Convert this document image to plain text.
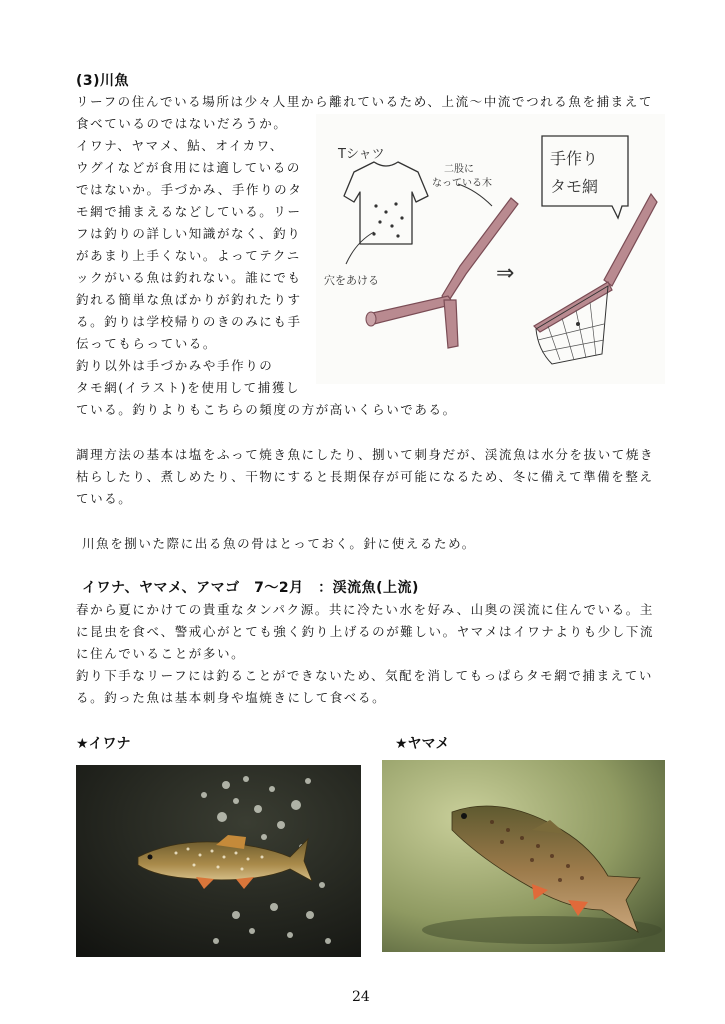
(3)川魚
リーフの住んでいる場所は少々人里から離れているため、上流～中流でつれる魚を捕まえて
食べているのではないだろうか。
イワナ、ヤマメ、鮎、オイカワ、
ウグイなどが食用には適しているの
ではないか。手づかみ、手作りのタ
モ網で捕まえるなどしている。リー
フは釣りの詳しい知識がなく、釣り
があまり上手くない。よってテクニ
ックがいる魚は釣れない。誰にでも
釣れる簡単な魚ばかりが釣れたりす
る。釣りは学校帰りのきのみにも手
伝ってもらっている。
釣り以外は手づかみや手作りの
タモ網(イラスト)を使用して捕獲し
ている。釣りよりもこちらの頻度の方が高いくらいである。
Tシャツ
穴をあける
二股に
なっている木
⇒
手作り
タモ網
調理方法の基本は塩をふって焼き魚にしたり、捌いて刺身だが、渓流魚は水分を抜いて焼き
枯らしたり、煮しめたり、干物にすると長期保存が可能になるため、冬に備えて準備を整え
ている。
川魚を捌いた際に出る魚の骨はとっておく。針に使えるため。
イワナ、ヤマメ、アマゴ　7～2月　：渓流魚(上流)
春から夏にかけての貴重なタンパク源。共に冷たい水を好み、山奥の渓流に住んでいる。主
に昆虫を食べ、警戒心がとても強く釣り上げるのが難しい。ヤマメはイワナよりも少し下流
に住んでいることが多い。
釣り下手なリーフには釣ることができないため、気配を消してもっぱらタモ網で捕まえてい
る。釣った魚は基本刺身や塩焼きにして食べる。
★イワナ	★ヤマメ
24
